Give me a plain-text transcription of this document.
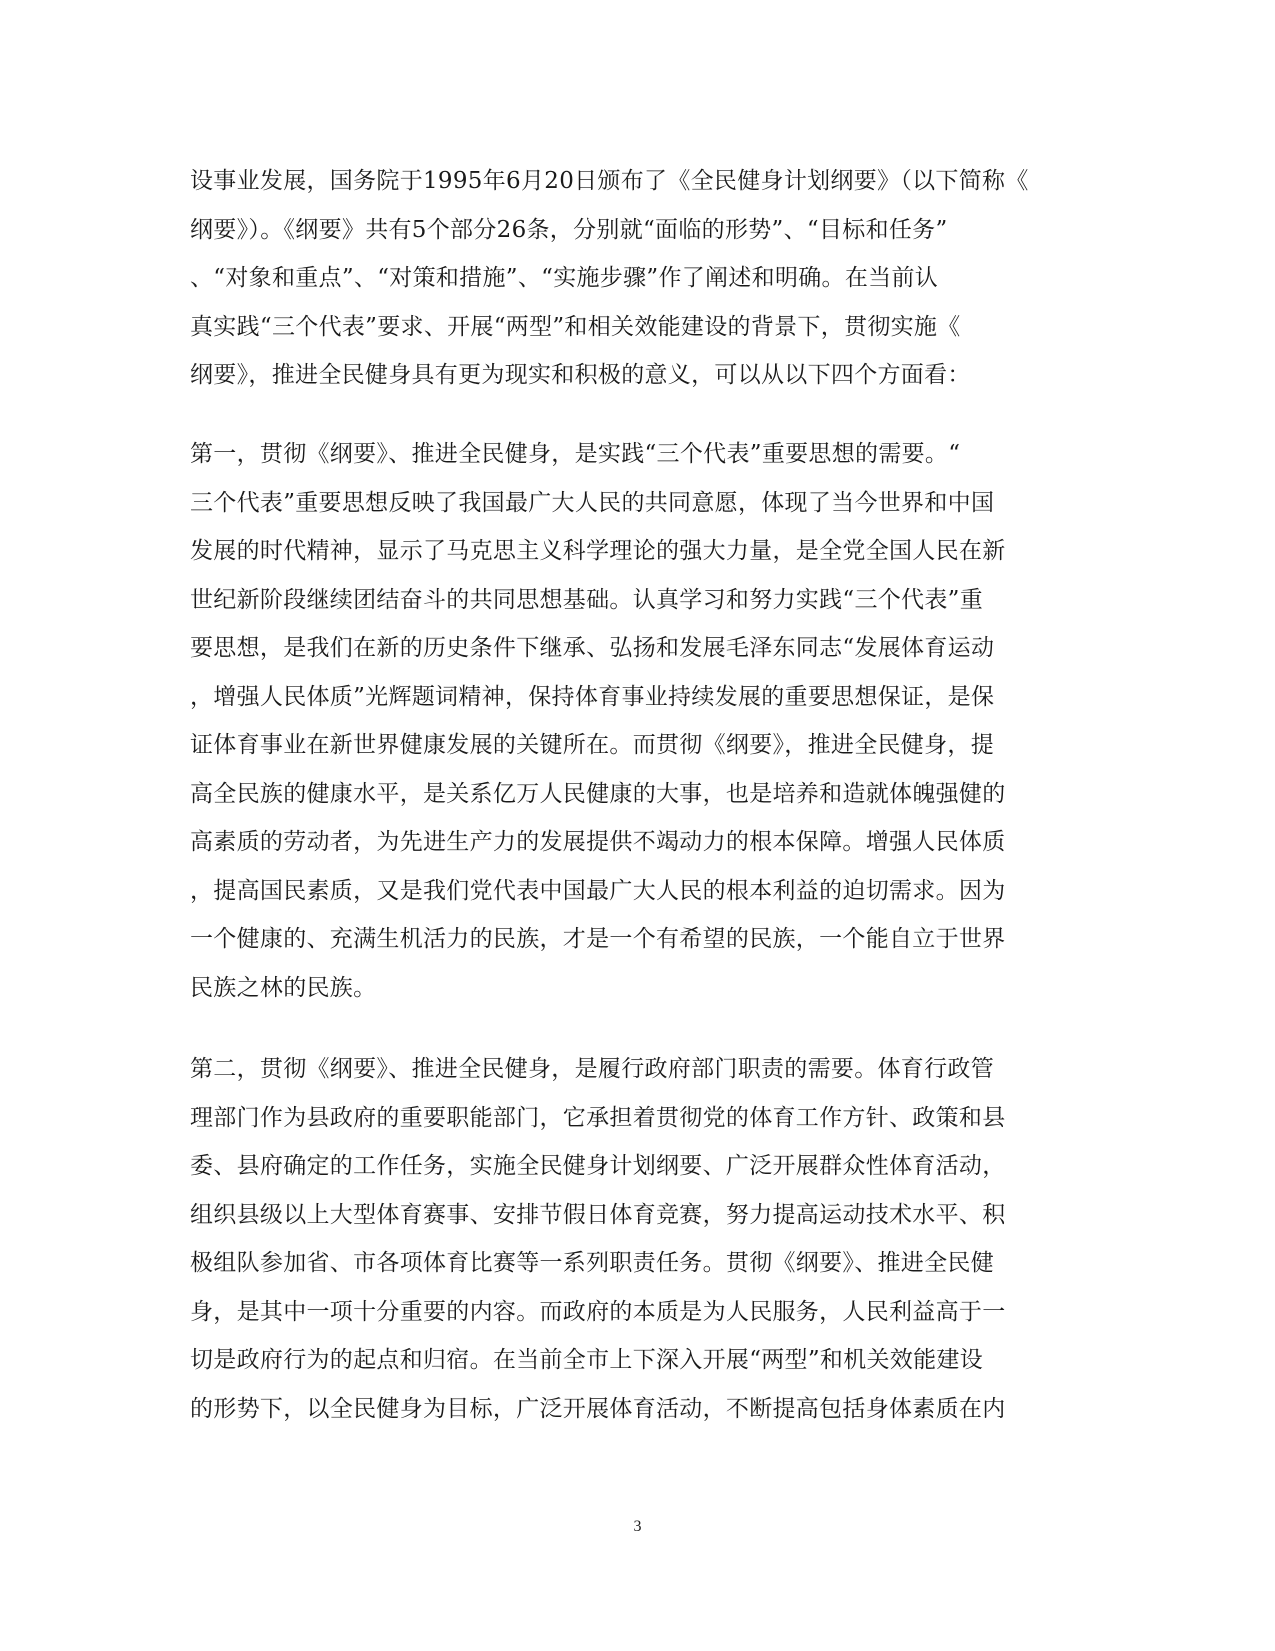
设事业发展，国务院于1995年6月20日颁布了《全民健身计划纲要》（以下简称《
纲要》）。《纲要》共有5个部分26条，分别就“面临的形势”、“目标和任务”
、“对象和重点”、“对策和措施”、“实施步骤”作了阐述和明确。在当前认
真实践“三个代表”要求、开展“两型”和相关效能建设的背景下，贯彻实施《
纲要》，推进全民健身具有更为现实和积极的意义，可以从以下四个方面看：
第一，贯彻《纲要》、推进全民健身，是实践“三个代表”重要思想的需要。“
三个代表”重要思想反映了我国最广大人民的共同意愿，体现了当今世界和中国
发展的时代精神，显示了马克思主义科学理论的强大力量，是全党全国人民在新
世纪新阶段继续团结奋斗的共同思想基础。认真学习和努力实践“三个代表”重
要思想，是我们在新的历史条件下继承、弘扬和发展毛泽东同志“发展体育运动
，增强人民体质”光辉题词精神，保持体育事业持续发展的重要思想保证，是保
证体育事业在新世界健康发展的关键所在。而贯彻《纲要》，推进全民健身，提
高全民族的健康水平，是关系亿万人民健康的大事，也是培养和造就体魄强健的
高素质的劳动者，为先进生产力的发展提供不竭动力的根本保障。增强人民体质
，提高国民素质，又是我们党代表中国最广大人民的根本利益的迫切需求。因为
一个健康的、充满生机活力的民族，才是一个有希望的民族，一个能自立于世界
民族之林的民族。
第二，贯彻《纲要》、推进全民健身，是履行政府部门职责的需要。体育行政管
理部门作为县政府的重要职能部门，它承担着贯彻党的体育工作方针、政策和县
委、县府确定的工作任务，实施全民健身计划纲要、广泛开展群众性体育活动，
组织县级以上大型体育赛事、安排节假日体育竞赛，努力提高运动技术水平、积
极组队参加省、市各项体育比赛等一系列职责任务。贯彻《纲要》、推进全民健
身，是其中一项十分重要的内容。而政府的本质是为人民服务，人民利益高于一
切是政府行为的起点和归宿。在当前全市上下深入开展“两型”和机关效能建设
的形势下，以全民健身为目标，广泛开展体育活动，不断提高包括身体素质在内
3
